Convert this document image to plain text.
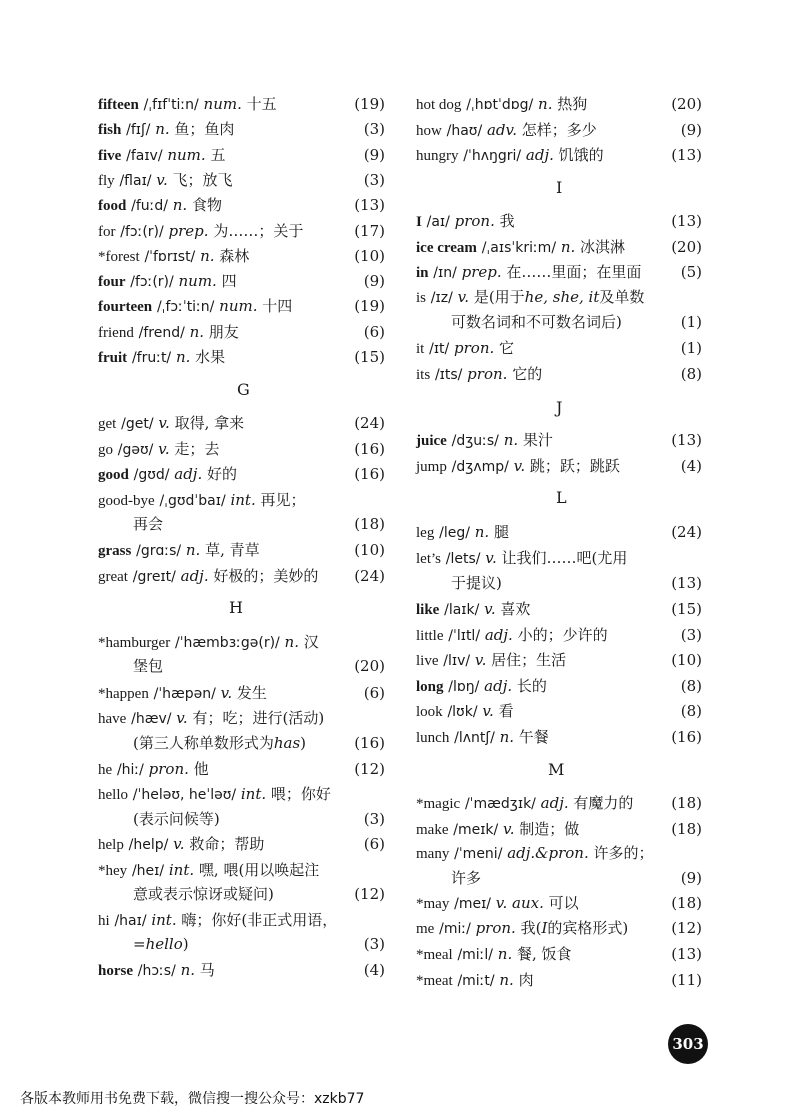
fifteen /ˌfɪfˈtiːn/ num. 十五	(19)
fish /fɪʃ/ n. 鱼；鱼肉	(3)
five /faɪv/ num. 五	(9)
fly /flaɪ/ v. 飞；放飞	(3)
food /fuːd/ n. 食物	(13)
for /fɔː(r)/ prep. 为……；关于	(17)
*forest /ˈfɒrɪst/ n. 森林	(10)
four /fɔː(r)/ num. 四	(9)
fourteen /ˌfɔːˈtiːn/ num. 十四	(19)
friend /frend/ n. 朋友	(6)
fruit /fruːt/ n. 水果	(15)
G
get /get/ v. 取得, 拿来	(24)
go /gəʊ/ v. 走；去	(16)
good /gʊd/ adj. 好的	(16)
good-bye /ˌgʊdˈbaɪ/ int. 再见；
再会	(18)
grass /grɑːs/ n. 草, 青草	(10)
great /greɪt/ adj. 好极的；美妙的	(24)
H
*hamburger /ˈhæmbɜːgə(r)/ n. 汉
堡包	(20)
*happen /ˈhæpən/ v. 发生	(6)
have /hæv/ v. 有；吃；进行(活动)
(第三人称单数形式为has)	(16)
he /hiː/ pron. 他	(12)
hello /ˈheləʊ, heˈləʊ/ int. 喂；你好
(表示问候等)	(3)
help /help/ v. 救命；帮助	(6)
*hey /heɪ/ int. 嘿, 喂(用以唤起注
意或表示惊讶或疑问)	(12)
hi /haɪ/ int. 嗨；你好(非正式用语，
=hello)	(3)
horse /hɔːs/ n. 马	(4)
hot dog /ˌhɒtˈdɒg/ n. 热狗	(20)
how /haʊ/ adv. 怎样；多少	(9)
hungry /ˈhʌŋgri/ adj. 饥饿的	(13)
I
I /aɪ/ pron. 我	(13)
ice cream /ˌaɪsˈkriːm/ n. 冰淇淋	(20)
in /ɪn/ prep. 在……里面；在里面	(5)
is /ɪz/ v. 是(用于he, she, it及单数
可数名词和不可数名词后)	(1)
it /ɪt/ pron. 它	(1)
its /ɪts/ pron. 它的	(8)
J
juice /dʒuːs/ n. 果汁	(13)
jump /dʒʌmp/ v. 跳；跃；跳跃	(4)
L
leg /leg/ n. 腿	(24)
let’s /lets/ v. 让我们……吧(尤用
于提议)	(13)
like /laɪk/ v. 喜欢	(15)
little /ˈlɪtl/ adj. 小的；少许的	(3)
live /lɪv/ v. 居住；生活	(10)
long /lɒŋ/ adj. 长的	(8)
look /lʊk/ v. 看	(8)
lunch /lʌntʃ/ n. 午餐	(16)
M
*magic /ˈmædʒɪk/ adj. 有魔力的	(18)
make /meɪk/ v. 制造；做	(18)
many /ˈmeni/ adj.&pron. 许多的；
许多	(9)
*may /meɪ/ v. aux. 可以	(18)
me /miː/ pron. 我(I的宾格形式)	(12)
*meal /miːl/ n. 餐, 饭食	(13)
*meat /miːt/ n. 肉	(11)
303
各版本教师用书免费下载，微信搜一搜公众号：xzkb77
